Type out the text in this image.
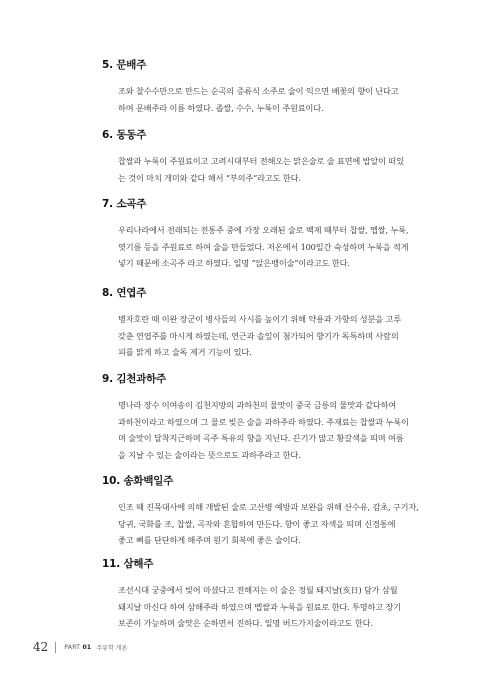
5. 문배주

조와 찰수수만으로 만드는 순곡의 증류식 소주로 술이 익으면 배꽃의 향이 난다고
하여 문배주라 이름 하였다. 좁쌀, 수수, 누룩이 주원료이다.

6. 동동주

찹쌀과 누룩이 주원료이고 고려시대부터 전해오는 맑은술로 술 표면에 밥알이 떠있
는 것이 마치 개미와 같다 해서 “부의주”라고도 한다.

7. 소곡주

우리나라에서 전래되는 전통주 중에 가장 오래된 술로 백제 때부터 찹쌀, 멥쌀, 누룩,
엿기름 등을 주원료로 하여 술을 만들었다. 저온에서 100일간 숙성하며 누룩을 적게
넣기 때문에 소곡주 라고 하였다. 일명 “앉은뱅이술”이라고도 한다.

8. 연엽주

병자호란 때 이완 장군이 병사들의 사시를 높이기 위해 약용과 가향의 성분을 고루
갖춘 연엽주를 마시게 하였는데, 연근과 솔잎이 첨가되어 향기가 독특하며 사람의
피를 맑게 하고 술독 제거 기능이 있다.

9. 김천과하주

명나라 장수 이여송이 김천지방의 과하천의 물맛이 중국 금릉의 물맛과 같다하여
과하천이라고 하였으며 그 물로 빚은 술을 과하주라 하였다. 주재료는 찹쌀과 누룩이
며 술맛이 달착지근하며 곡주 특유의 향을 지닌다. 끈기가 많고 황갈색을 띄며 여름
을 지날 수 있는 술이라는 뜻으로도 과하주라고 한다.

10. 송화백일주

인조 때 진묵대사에 의해 개발된 술로 고산병 예방과 보완을 위해 산수유, 감초, 구기자,
당귀, 국화를 조, 찹쌀, 곡자와 혼합하여 만든다. 향이 좋고 자색을 띄며 신경통에
좋고 뼈를 단단하게 해주며 원기 회복에 좋은 술이다.

11. 삼해주

조선시대 궁중에서 빚어 마셨다고 전해지는 이 술은 정월 돼지날(亥日) 담가 삼월
돼지날 마신다 하여 삼해주라 하였으며 멥쌀과 누룩을 원료로 한다. 투명하고 장기
보존이 가능하며 술맛은 순하면서 진하다. 일명 버드가지술이라고도 한다.

42	PART 01 주류학 개론
